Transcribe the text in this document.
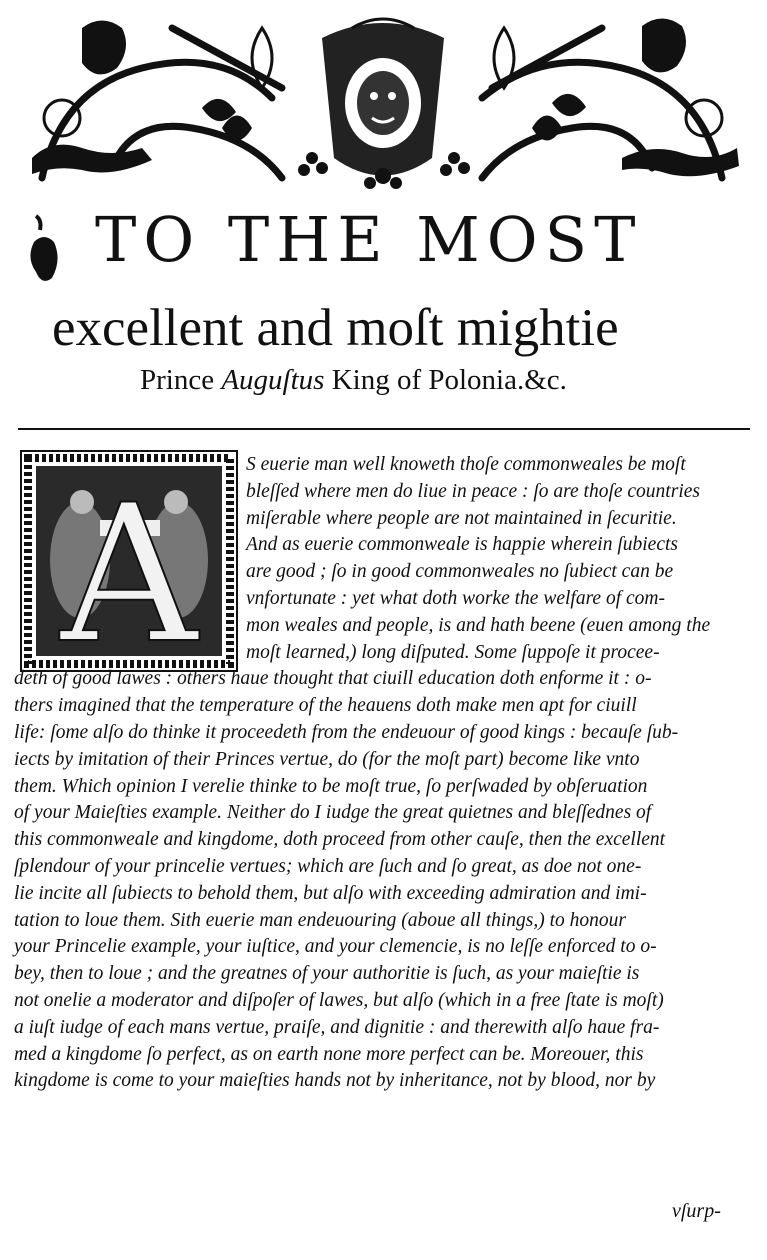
TO THE MOST
excellent and moſt mightie
Prince Auguſtus King of Polonia.&c.
A S euerie man well knoweth thoſe commonweales be moſt
bleſſed where men do liue in peace : ſo are thoſe countries
miſerable where people are not maintained in ſecuritie.
And as euerie commonweale is happie wherein ſubiects
are good ; ſo in good commonweales no ſubiect can be
vnfortunate : yet what doth worke the welfare of com-
mon weales and people, is and hath beene (euen among the
moſt learned,) long diſputed. Some ſuppoſe it procee-
deth of good lawes : others haue thought that ciuill education doth enforme it : o-
thers imagined that the temperature of the heauens doth make men apt for ciuill
life: ſome alſo do thinke it proceedeth from the endeuour of good kings : becauſe ſub-
iects by imitation of their Princes vertue, do (for the moſt part) become like vnto
them. Which opinion I verelie thinke to be moſt true, ſo perſwaded by obſeruation
of your Maieſties example. Neither do I iudge the great quietnes and bleſſednes of
this commonweale and kingdome, doth proceed from other cauſe, then the excellent
ſplendour of your princelie vertues; which are ſuch and ſo great, as doe not one-
lie incite all ſubiects to behold them, but alſo with exceeding admiration and imi-
tation to loue them. Sith euerie man endeuouring (aboue all things,) to honour
your Princelie example, your iuſtice, and your clemencie, is no leſſe enforced to o-
bey, then to loue ; and the greatnes of your authoritie is ſuch, as your maieſtie is
not onelie a moderator and diſpoſer of lawes, but alſo (which in a free ſtate is moſt)
a iuſt iudge of each mans vertue, praiſe, and dignitie : and therewith alſo haue fra-
med a kingdome ſo perfect, as on earth none more perfect can be. Moreouer, this
kingdome is come to your maieſties hands not by inheritance, not by blood, nor by
vſurp-
